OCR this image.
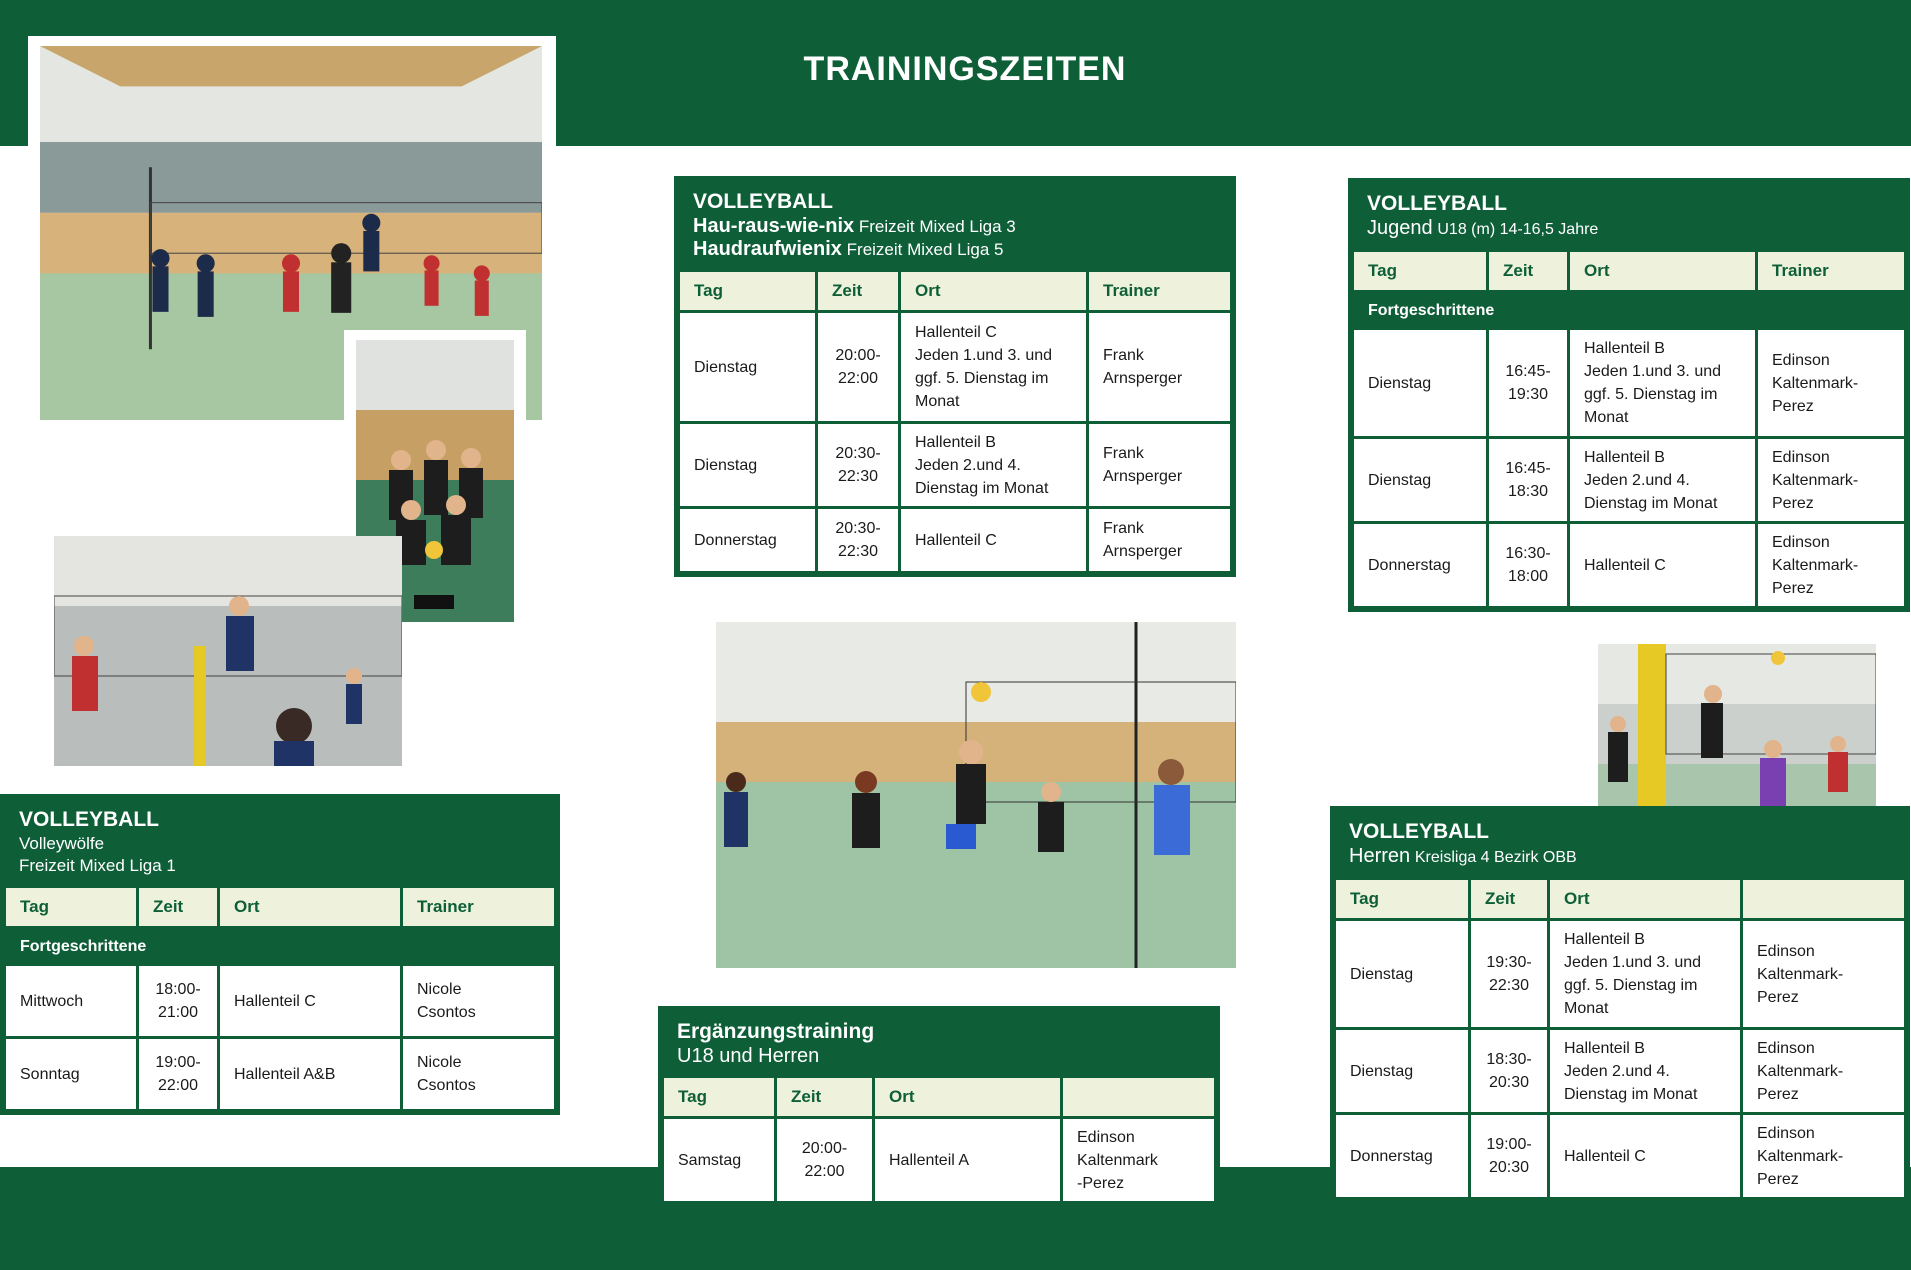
TRAININGSZEITEN
VOLLEYBALL
Hau-raus-wie-nix Freizeit Mixed Liga 3
Haudraufwienix Freizeit Mixed Liga 5
Tag	Zeit	Ort	Trainer
Dienstag	20:00-
22:00	Hallenteil C
Jeden 1.und 3. und
ggf. 5. Dienstag im
Monat	Frank
Arnsperger
Dienstag	20:30-
22:30	Hallenteil B
Jeden 2.und 4.
Dienstag im Monat	Frank
Arnsperger
Donnerstag	20:30-
22:30	Hallenteil C	Frank
Arnsperger
VOLLEYBALL
Jugend U18 (m) 14-16,5 Jahre
Tag	Zeit	Ort	Trainer
Fortgeschrittene			
Dienstag	16:45-
19:30	Hallenteil B
Jeden 1.und 3. und
ggf. 5. Dienstag im
Monat	Edinson
Kaltenmark-
Perez
Dienstag	16:45-
18:30	Hallenteil B
Jeden 2.und 4.
Dienstag im Monat	Edinson
Kaltenmark-
Perez
Donnerstag	16:30-
18:00	Hallenteil C	Edinson
Kaltenmark-
Perez
VOLLEYBALL
Volleywölfe
Freizeit Mixed Liga 1
Tag	Zeit	Ort	Trainer
Fortgeschrittene			
Mittwoch	18:00-
21:00	Hallenteil C	Nicole
Csontos
Sonntag	19:00-
22:00	Hallenteil A&B	Nicole
Csontos
Ergänzungstraining
U18 und Herren
Tag	Zeit	Ort	
Samstag	20:00-
22:00	Hallenteil A	Edinson
Kaltenmark
-Perez
VOLLEYBALL
Herren Kreisliga 4 Bezirk OBB
Tag	Zeit	Ort	
Dienstag	19:30-
22:30	Hallenteil B
Jeden 1.und 3. und
ggf. 5. Dienstag im
Monat	Edinson
Kaltenmark-
Perez
Dienstag	18:30-
20:30	Hallenteil B
Jeden 2.und 4.
Dienstag im Monat	Edinson
Kaltenmark-
Perez
Donnerstag	19:00-
20:30	Hallenteil C	Edinson
Kaltenmark-
Perez
